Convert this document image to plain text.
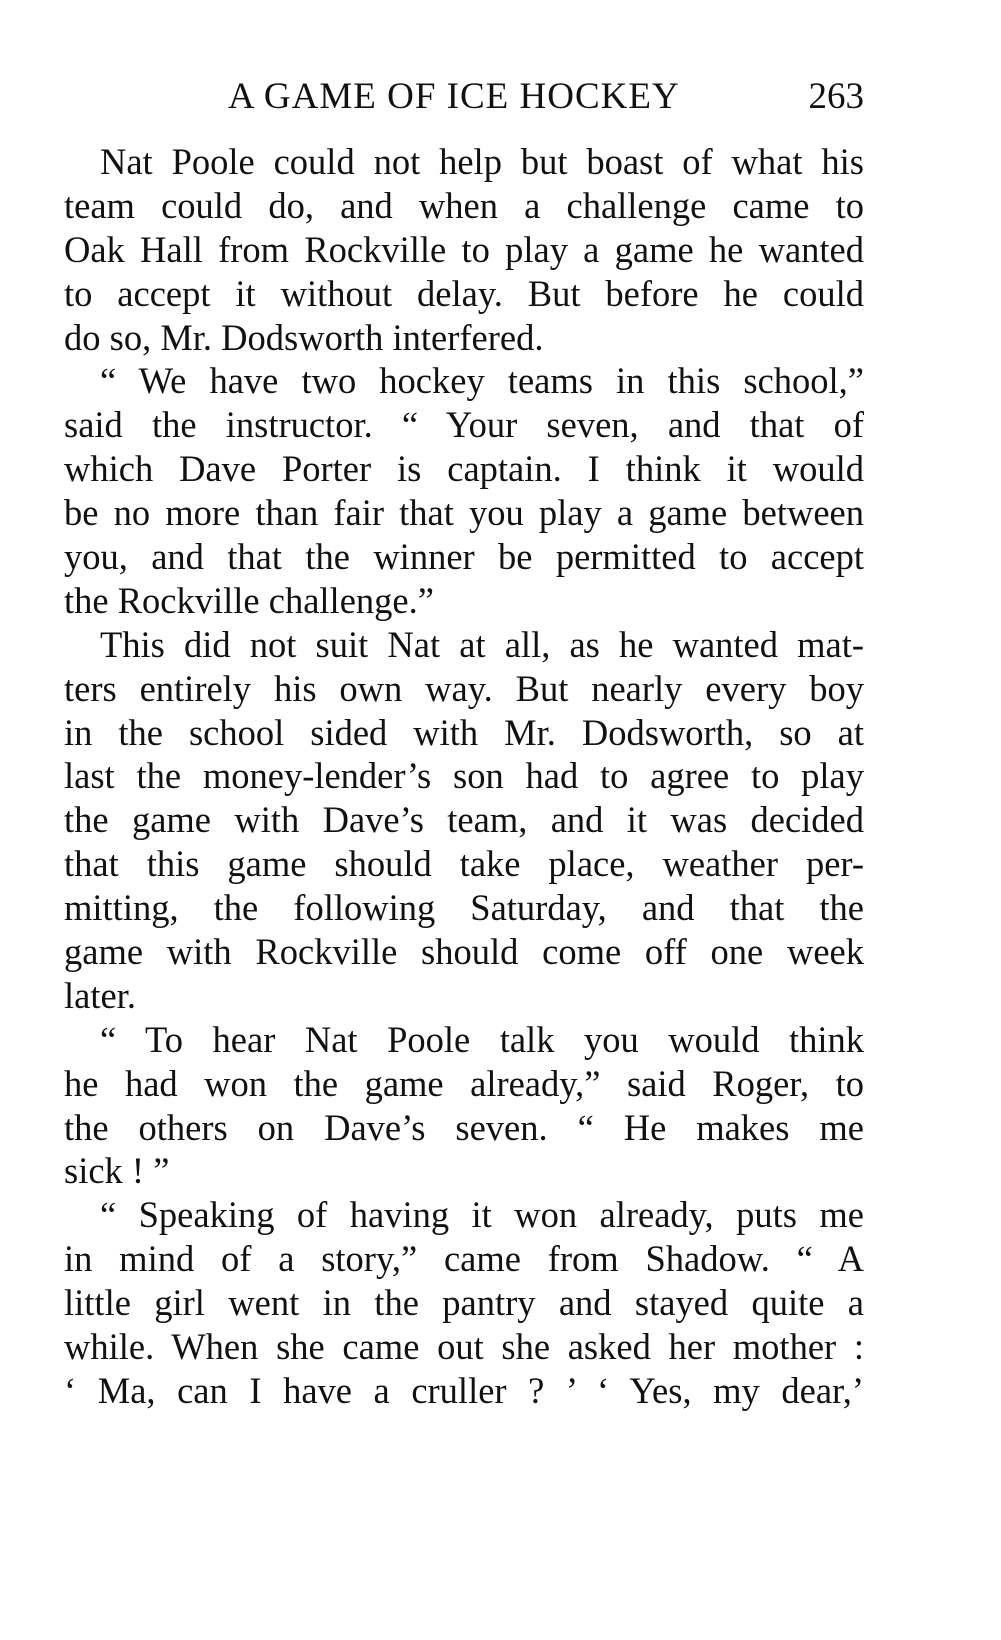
A GAME OF ICE HOCKEY	263
Nat Poole could not help but boast of what his
team could do, and when a challenge came to
Oak Hall from Rockville to play a game he wanted
to accept it without delay. But before he could
do so, Mr. Dodsworth interfered.
“ We have two hockey teams in this school,”
said the instructor. “ Your seven, and that of
which Dave Porter is captain. I think it would
be no more than fair that you play a game between
you, and that the winner be permitted to accept
the Rockville challenge.”
This did not suit Nat at all, as he wanted mat-
ters entirely his own way. But nearly every boy
in the school sided with Mr. Dodsworth, so at
last the money-lender’s son had to agree to play
the game with Dave’s team, and it was decided
that this game should take place, weather per-
mitting, the following Saturday, and that the
game with Rockville should come off one week
later.
“ To hear Nat Poole talk you would think
he had won the game already,” said Roger, to
the others on Dave’s seven. “ He makes me
sick ! ”
“ Speaking of having it won already, puts me
in mind of a story,” came from Shadow. “ A
little girl went in the pantry and stayed quite a
while. When she came out she asked her mother :
‘ Ma, can I have a cruller ? ’ ‘ Yes, my dear,’
